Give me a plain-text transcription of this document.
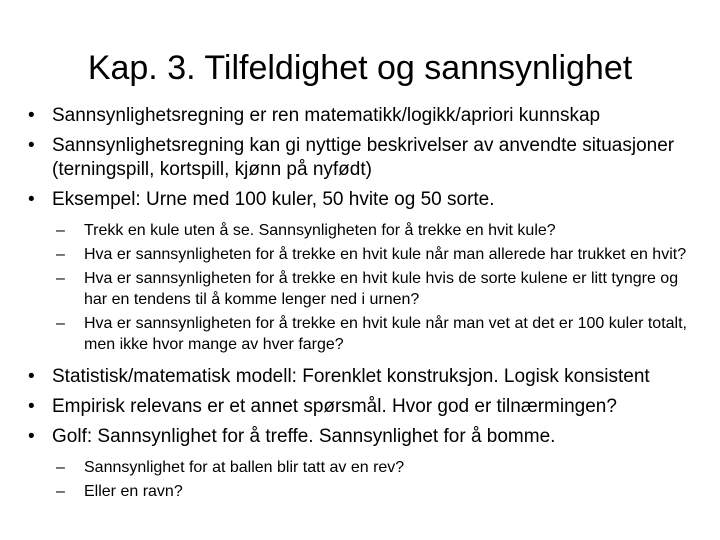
Kap. 3. Tilfeldighet og sannsynlighet
• Sannsynlighetsregning er ren matematikk/logikk/apriori kunnskap
• Sannsynlighetsregning kan gi nyttige beskrivelser av anvendte situasjoner (terningspill, kortspill, kjønn på nyfødt)
• Eksempel: Urne med 100 kuler, 50 hvite og 50 sorte.
– Trekk en kule uten å se. Sannsynligheten for å trekke en hvit kule?
– Hva er sannsynligheten for å trekke en hvit kule når man allerede har trukket en hvit?
– Hva er sannsynligheten for å trekke en hvit kule hvis de sorte kulene er litt tyngre og har en tendens til å komme lenger ned i urnen?
– Hva er sannsynligheten for å trekke en hvit kule når man vet at det er 100 kuler totalt, men ikke hvor mange av hver farge?
• Statistisk/matematisk modell: Forenklet konstruksjon. Logisk konsistent
• Empirisk relevans er et annet spørsmål. Hvor god er tilnærmingen?
• Golf: Sannsynlighet for å treffe. Sannsynlighet for å bomme.
– Sannsynlighet for at ballen blir tatt av en rev?
– Eller en ravn?
